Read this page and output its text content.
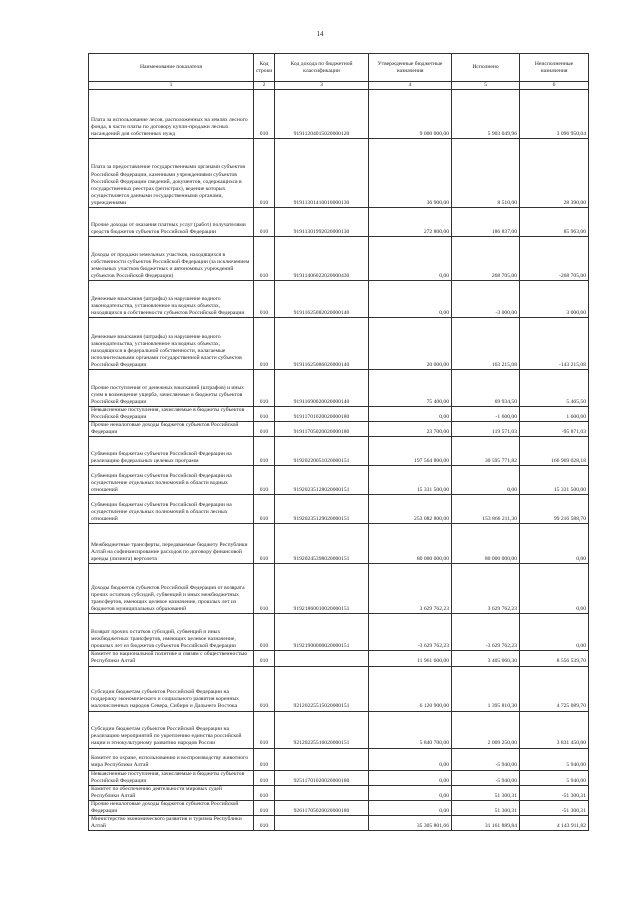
14
Наименование показателя	Код строки	Код дохода по бюджетной классификации	Утвержденные бюджетные назначения	Исполнено	Неисполненные назначения
1	2	3	4	5	6
Плата за использование лесов, расположенных на землях лесного фонда, в части платы по договору купли-продажи лесных насаждений для собственных нужд	010	91911204015020000120	9 000 000,00	5 903 049,96	3 096 950,04
Плата за предоставление государственными органами субъектов Российской Федерации, казенными учреждениями субъектов Российской Федерации сведений, документов, содержащихся в государственных реестрах (регистрах), ведение которых осуществляется данными государственными органами, учреждениями	010	91911301410010000130	36 900,00	8 510,00	28 390,00
Прочие доходы от оказания платных услуг (работ) получателями средств бюджетов субъектов Российской Федерации	010	91911301992020000130	272 800,00	186 837,00	85 963,00
Доходы от продажи земельных участков, находящихся в собственности субъектов Российской Федерации (за исключением земельных участков бюджетных и автономных учреждений субъектов Российской Федерации)	010	91911406022020000430	0,00	268 705,00	-268 705,00
Денежные взыскания (штрафы) за нарушение водного законодательства, установленное на водных объектах, находящихся в собственности субъектов Российской Федерации	010	91911625082020000140	0,00	-3 000,00	3 000,00
Денежные взыскания (штрафы) за нарушение водного законодательства, установленное на водных объектах, находящихся в федеральной собственности, налагаемые исполнительными органами государственной власти субъектов Российской Федерации	010	91911625086020000140	20 000,00	163 215,08	-143 215,08
Прочие поступления от денежных взысканий (штрафов) и иных сумм в возмещение ущерба, зачисляемые в бюджеты субъектов Российской Федерации	010	91911690020020000140	75 400,00	69 934,50	5 465,50
Невыясненные поступления, зачисляемые в бюджеты субъектов Российской Федерации	010	91911701020020000180	0,00	-1 600,00	1 600,00
Прочие неналоговые доходы бюджетов субъектов Российской Федерации	010	91911705020020000180	23 700,00	119 571,03	-95 871,03
Субвенции бюджетам субъектов Российской Федерации на реализацию федеральных целевых программ	010	91920220051020000151	197 564 800,00	30 595 771,82	166 969 028,18
Субвенции бюджетам субъектов Российской Федерации на осуществление отдельных полномочий в области водных отношений	010	91920235128020000151	15 331 500,00	0,00	15 331 500,00
Субвенции бюджетам субъектов Российской Федерации на осуществление отдельных полномочий в области лесных отношений	010	91920235129020000151	253 082 800,00	153 866 211,30	99 216 588,70
Межбюджетные трансферты, передаваемые бюджету Республики Алтай на софинансирование расходов по договору финансовой аренды (лизинга) вертолета	010	91920245398020000151	80 000 000,00	80 000 000,00	0,00
Доходы бюджетов субъектов Российской Федерации от возврата прочих остатков субсидий, субвенций и иных межбюджетных трансфертов, имеющих целевое назначение, прошлых лет из бюджетов муниципальных образований	010	91921860010020000151	3 629 762,23	3 629 762,23	0,00
Возврат прочих остатков субсидий, субвенций и иных межбюджетных трансфертов, имеющих целевое назначение, прошлых лет из бюджетов субъектов Российской Федерации	010	91921900000020000151	-3 629 762,23	-3 629 762,23	0,00
Комитет по национальной политике и связям с общественностью Республики Алтай	010		11 961 600,00	3 405 060,30	8 556 539,70
Субсидии бюджетам субъектов Российской Федерации на поддержку экономического и социального развития коренных малочисленных народов Севера, Сибири и Дальнего Востока	010	92120225515020000151	6 120 900,00	1 395 810,30	4 725 089,70
Субсидии бюджетам субъектов Российской Федерации на реализацию мероприятий по укреплению единства российской нации и этнокультурному развитию народов России	010	92120225516020000151	5 840 700,00	2 009 250,00	3 831 450,00
Комитет по охране, использованию и воспроизводству животного мира Республики Алтай	010		0,00	-5 940,00	5 940,00
Невыясненные поступления, зачисляемые в бюджеты субъектов Российской Федерации	010	92511701020020000180	0,00	-5 940,00	5 940,00
Комитет по обеспечению деятельности мировых судей Республики Алтай	010		0,00	51 300,31	-51 300,31
Прочие неналоговые доходы бюджетов субъектов Российской Федерации	010	92611705020020000180	0,00	51 300,31	-51 300,31
Министерство экономического развития и туризма Республики Алтай	010		35 305 801,66	31 161 889,84	4 143 911,82
